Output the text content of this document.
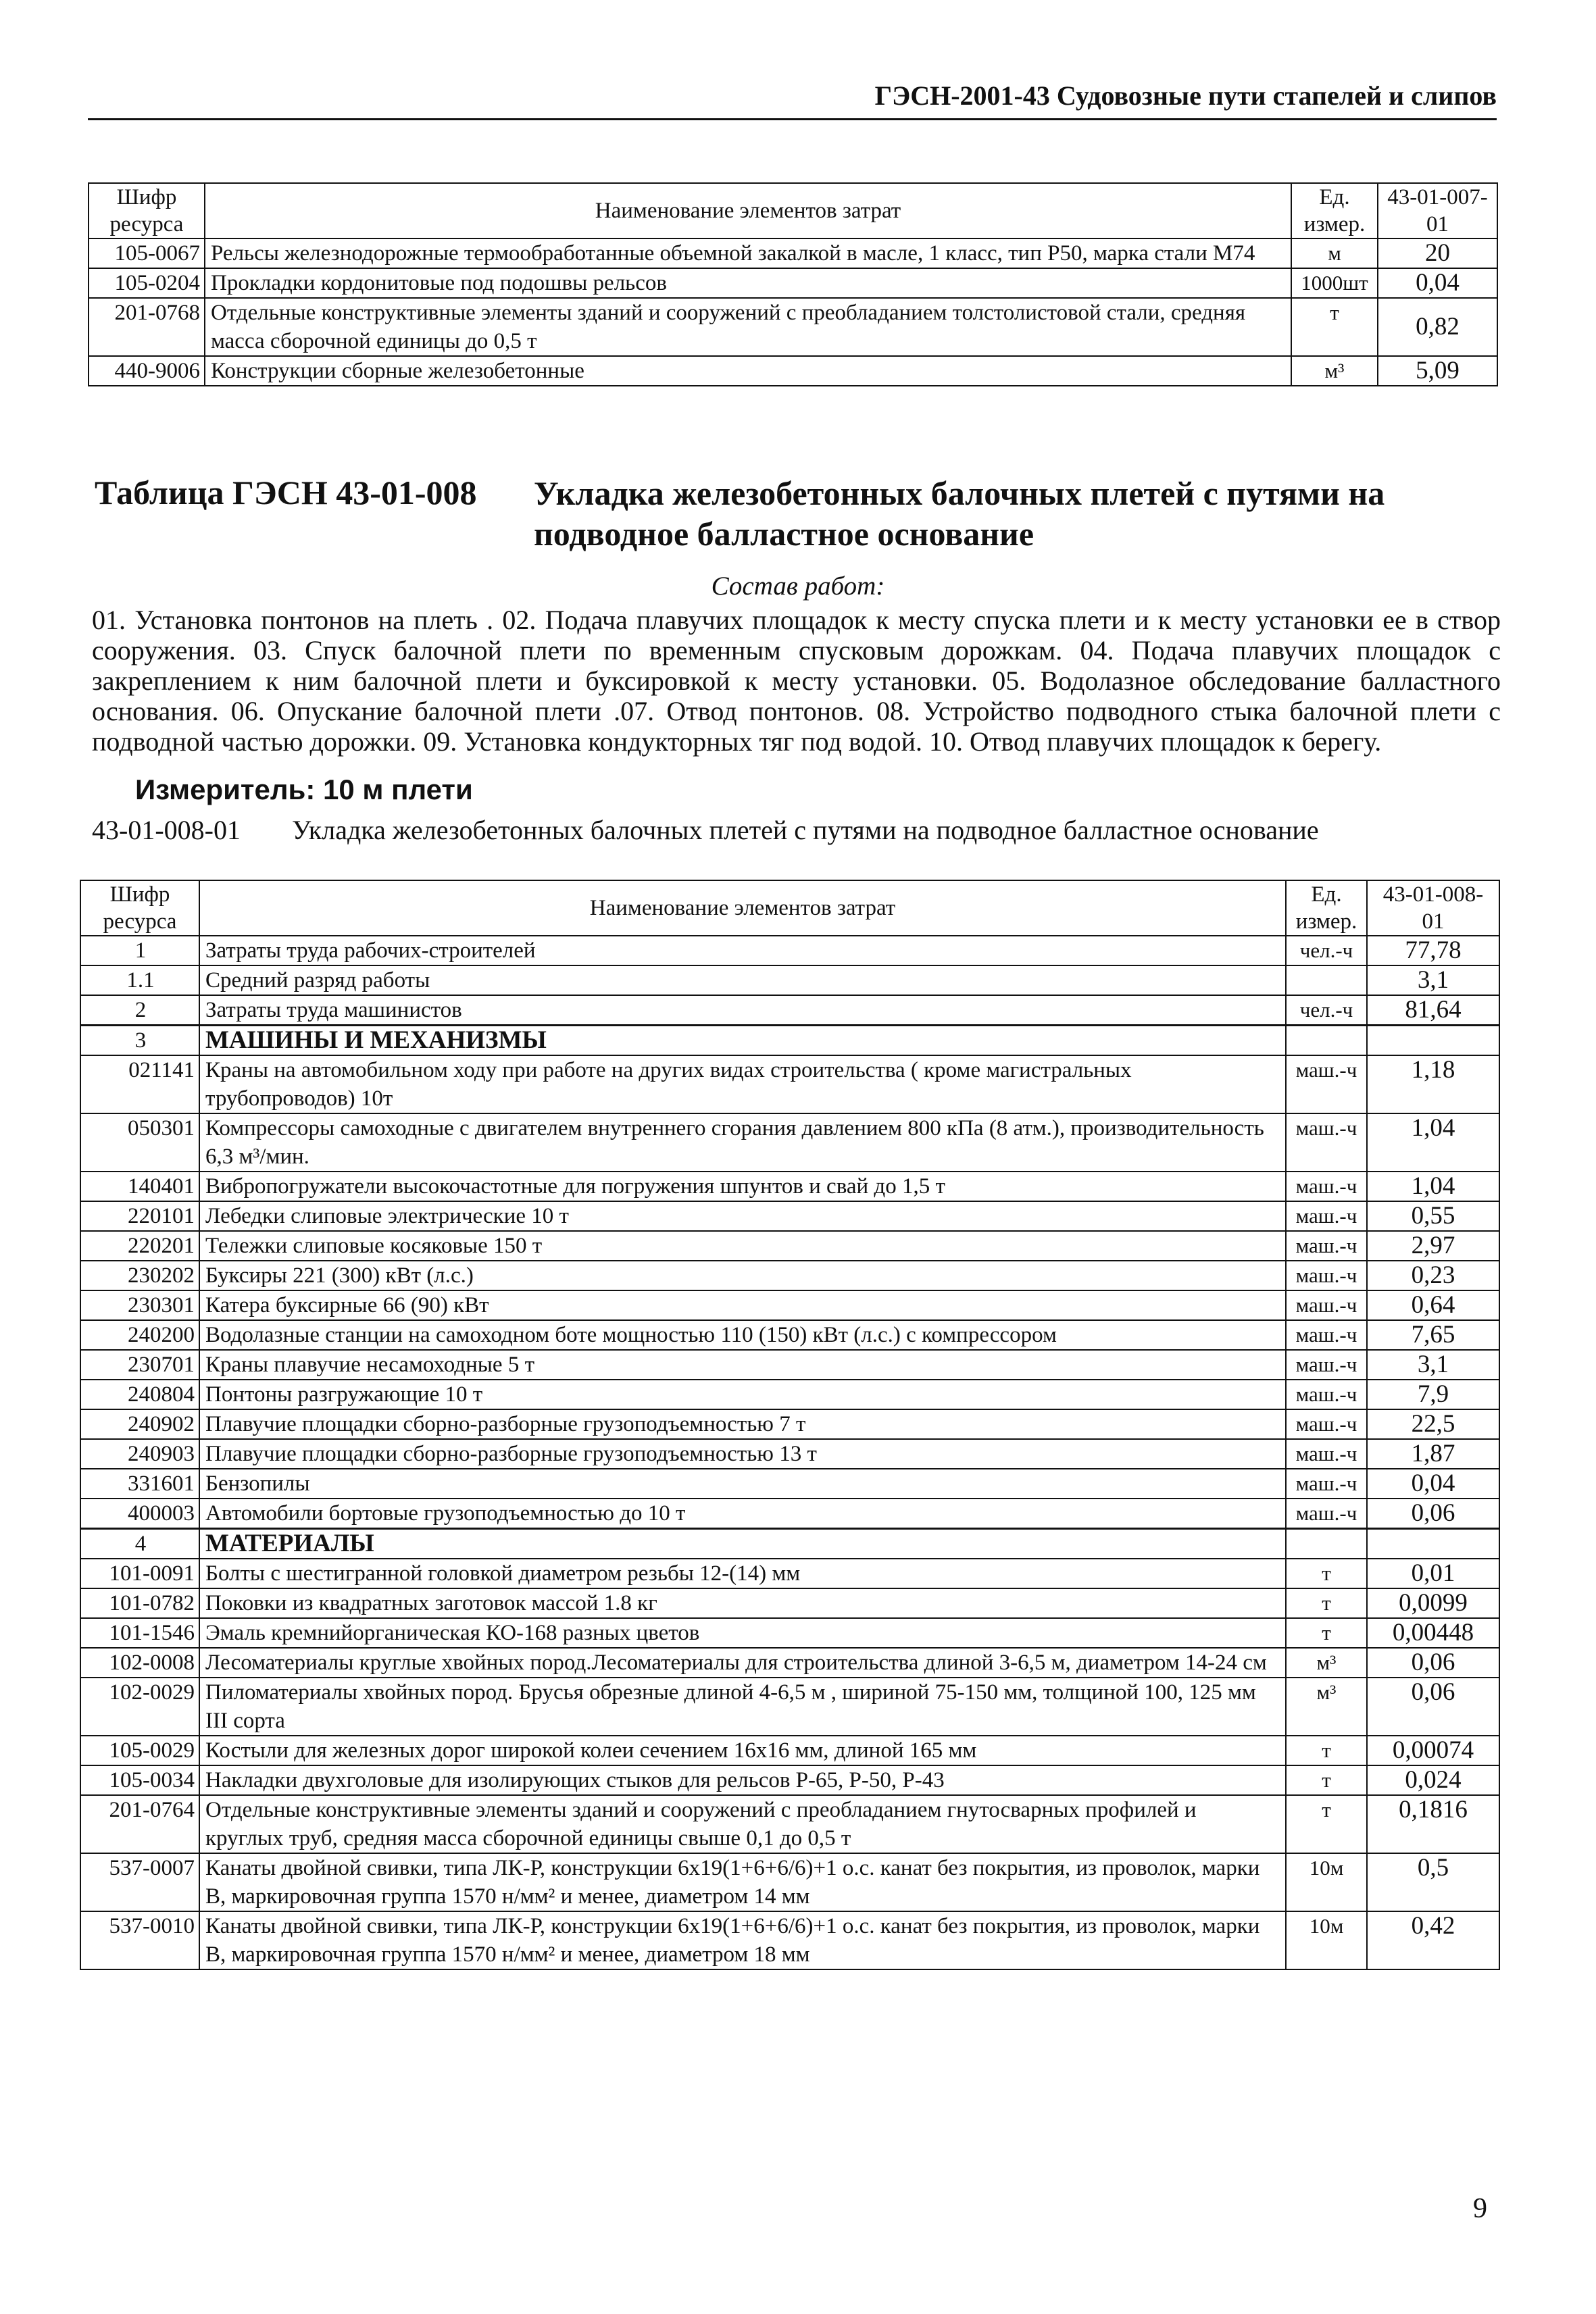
ГЭСН-2001-43 Судовозные пути стапелей и слипов
Шифр ресурса	Наименование элементов затрат	Ед. измер.	43-01-007-01
105-0067	Рельсы железнодорожные термообработанные объемной закалкой в масле, 1 класс, тип Р50, марка стали М74	м	20
105-0204	Прокладки кордонитовые под подошвы рельсов	1000шт	0,04
201-0768	Отдельные конструктивные элементы зданий и сооружений с преобладанием толстолистовой стали, средняя масса сборочной единицы до 0,5 т	т	0,82
440-9006	Конструкции сборные железобетонные	м³	5,09
Таблица ГЭСН 43-01-008 Укладка железобетонных балочных плетей с путями на подводное балластное основание
Состав работ:
01. Установка понтонов на плеть . 02. Подача плавучих площадок к месту спуска плети и к месту установки ее в створ сооружения. 03. Спуск балочной плети по временным спусковым дорожкам. 04. Подача плавучих площадок с закреплением к ним балочной плети и буксировкой к месту установки. 05. Водолазное обследование балластного основания. 06. Опускание балочной плети .07. Отвод понтонов. 08. Устройство подводного стыка балочной плети с подводной частью дорожки. 09. Установка кондукторных тяг под водой. 10. Отвод плавучих площадок к берегу.
Измеритель: 10 м плети
43-01-008-01 Укладка железобетонных балочных плетей с путями на подводное балластное основание
Шифр ресурса	Наименование элементов затрат	Ед. измер.	43-01-008-01
1	Затраты труда рабочих-строителей	чел.-ч	77,78
1.1	Средний разряд работы		3,1
2	Затраты труда машинистов	чел.-ч	81,64
3	МАШИНЫ И МЕХАНИЗМЫ		
021141	Краны на автомобильном ходу при работе на других видах строительства ( кроме магистральных трубопроводов) 10т	маш.-ч	1,18
050301	Компрессоры самоходные с двигателем внутреннего сгорания давлением 800 кПа (8 атм.), производительность 6,3 м³/мин.	маш.-ч	1,04
140401	Вибропогружатели высокочастотные для погружения шпунтов и свай до 1,5 т	маш.-ч	1,04
220101	Лебедки слиповые электрические 10 т	маш.-ч	0,55
220201	Тележки слиповые косяковые 150 т	маш.-ч	2,97
230202	Буксиры 221 (300) кВт (л.с.)	маш.-ч	0,23
230301	Катера буксирные 66 (90) кВт	маш.-ч	0,64
240200	Водолазные станции на самоходном боте мощностью 110 (150) кВт (л.с.) с компрессором	маш.-ч	7,65
230701	Краны плавучие несамоходные 5 т	маш.-ч	3,1
240804	Понтоны разгружающие 10 т	маш.-ч	7,9
240902	Плавучие площадки сборно-разборные грузоподъемностью 7 т	маш.-ч	22,5
240903	Плавучие площадки сборно-разборные грузоподъемностью 13 т	маш.-ч	1,87
331601	Бензопилы	маш.-ч	0,04
400003	Автомобили бортовые грузоподъемностью до 10 т	маш.-ч	0,06
4	МАТЕРИАЛЫ		
101-0091	Болты с шестигранной головкой диаметром резьбы 12-(14) мм	т	0,01
101-0782	Поковки из квадратных заготовок массой 1.8 кг	т	0,0099
101-1546	Эмаль кремнийорганическая КО-168 разных цветов	т	0,00448
102-0008	Лесоматериалы круглые хвойных пород.Лесоматериалы для строительства длиной 3-6,5 м, диаметром 14-24 см	м³	0,06
102-0029	Пиломатериалы хвойных пород. Брусья обрезные длиной 4-6,5 м , шириной 75-150 мм, толщиной 100, 125 мм III сорта	м³	0,06
105-0029	Костыли для железных дорог широкой колеи сечением 16х16 мм, длиной 165 мм	т	0,00074
105-0034	Накладки двухголовые для изолирующих стыков для рельсов Р-65, Р-50, Р-43	т	0,024
201-0764	Отдельные конструктивные элементы зданий и сооружений с преобладанием гнутосварных профилей и круглых труб, средняя масса сборочной единицы свыше 0,1 до 0,5 т	т	0,1816
537-0007	Канаты двойной свивки, типа ЛК-Р, конструкции 6х19(1+6+6/6)+1 о.с. канат без покрытия, из проволок, марки В, маркировочная группа 1570 н/мм² и менее, диаметром 14 мм	10м	0,5
537-0010	Канаты двойной свивки, типа ЛК-Р, конструкции 6х19(1+6+6/6)+1 о.с. канат без покрытия, из проволок, марки В, маркировочная группа 1570 н/мм² и менее, диаметром 18 мм	10м	0,42
9
